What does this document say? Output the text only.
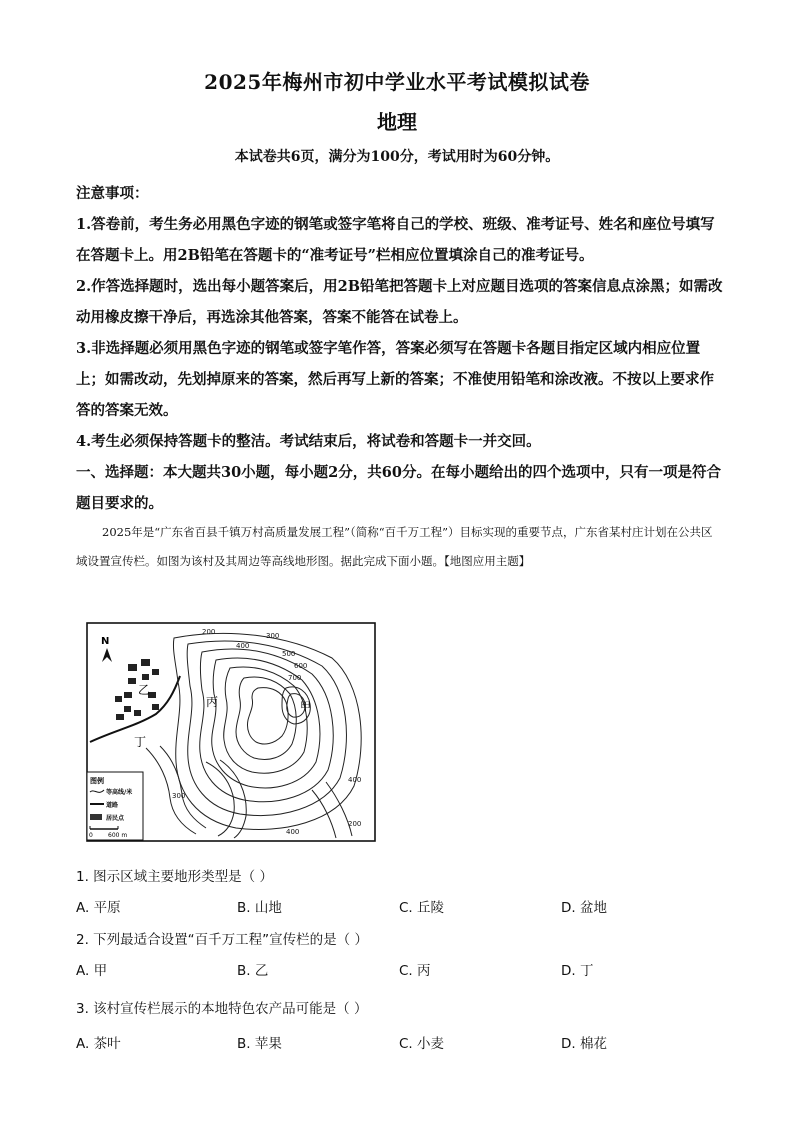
2025年梅州市初中学业水平考试模拟试卷
地理
本试卷共6页，满分为100分，考试用时为60分钟。

注意事项：

1.答卷前，考生务必用黑色字迹的钢笔或签字笔将自己的学校、班级、准考证号、姓名和座位号填写在答题卡上。用2B铅笔在答题卡的“准考证号”栏相应位置填涂自己的准考证号。

2.作答选择题时，选出每小题答案后，用2B铅笔把答题卡上对应题目选项的答案信息点涂黑；如需改动用橡皮擦干净后，再选涂其他答案，答案不能答在试卷上。

3.非选择题必须用黑色字迹的钢笔或签字笔作答，答案必须写在答题卡各题目指定区域内相应位置上；如需改动，先划掉原来的答案，然后再写上新的答案；不准使用铅笔和涂改液。不按以上要求作答的答案无效。

4.考生必须保持答题卡的整洁。考试结束后，将试卷和答题卡一并交回。

一、选择题：本大题共30小题，每小题2分，共60分。在每小题给出的四个选项中，只有一项是符合题目要求的。

2025年是“广东省百县千镇万村高质量发展工程”（简称“百千万工程”）目标实现的重要节点，广东省某村庄计划在公共区域设置宣传栏。如图为该村及其周边等高线地形图。据此完成下面小题。【地图应用主题】
N
200	300
400
500
600
700
300
400
200
400
甲
乙
丙
丁
图例
等高线/米
道路
居民点
0	600 m
1. 图示区域主要地形类型是（ ）
A. 平原	B. 山地	C. 丘陵	D. 盆地
2. 下列最适合设置“百千万工程”宣传栏的是（ ）
A. 甲	B. 乙	C. 丙	D. 丁
3. 该村宣传栏展示的本地特色农产品可能是（ ）
A. 茶叶	B. 苹果	C. 小麦	D. 棉花
